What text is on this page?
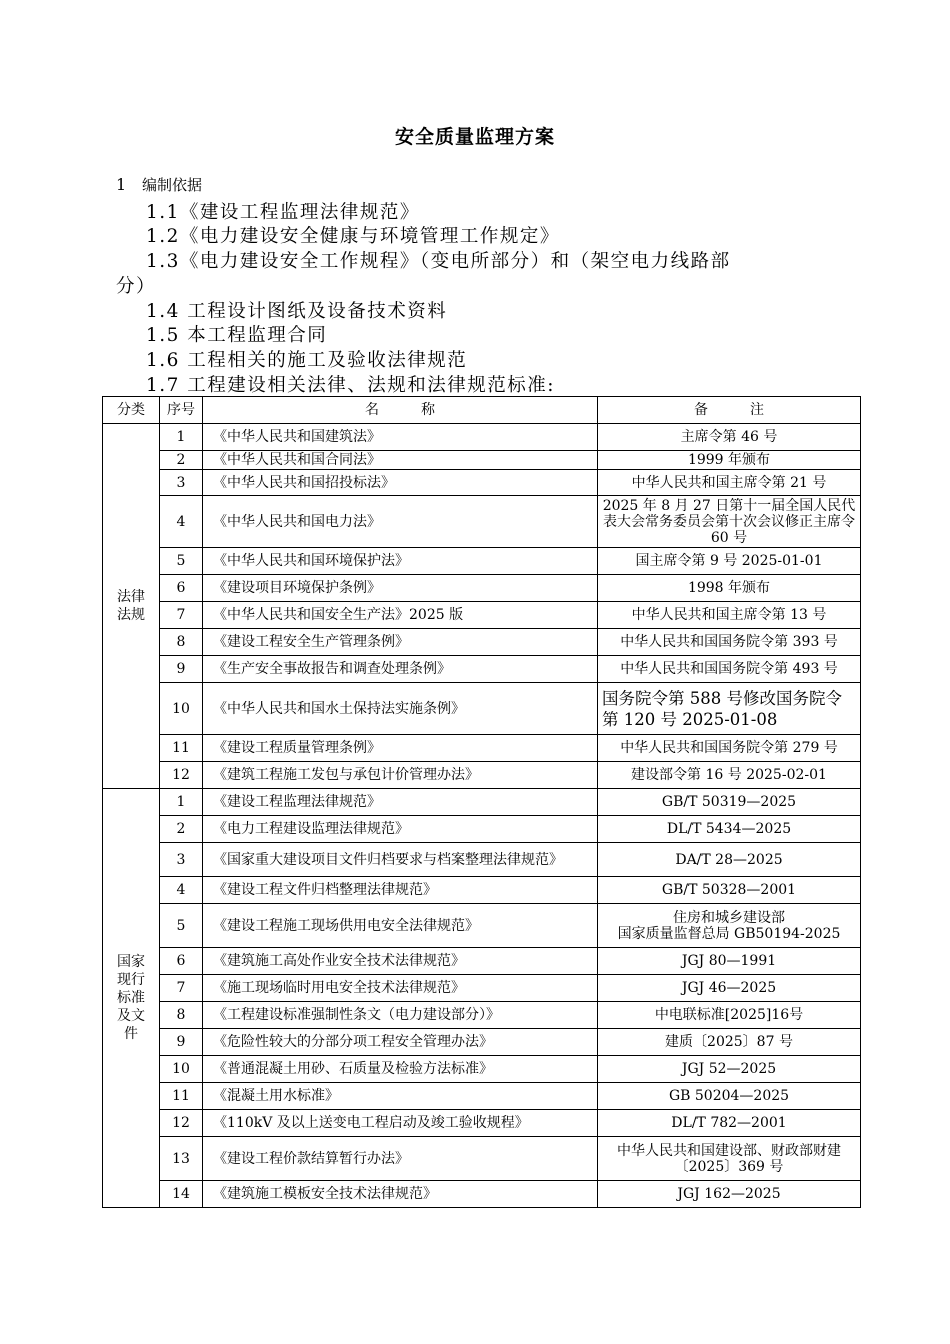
安全质量监理方案
1 编制依据
1.1《建设工程监理法律规范》
1.2《电力建设安全健康与环境管理工作规定》
1.3《电力建设安全工作规程》（变电所部分）和（架空电力线路部
分）
1.4 工程设计图纸及设备技术资料
1.5 本工程监理合同
1.6 工程相关的施工及验收法律规范
1.7 工程建设相关法律、法规和法律规范标准:
分类	序号	名　　　称	备　　　注
法律法规	1	《中华人民共和国建筑法》	主席令第 46 号
	2	《中华人民共和国合同法》	1999 年颁布
	3	《中华人民共和国招投标法》	中华人民共和国主席令第 21 号
	4	《中华人民共和国电力法》	2025 年 8 月 27 日第十一届全国人民代表大会常务委员会第十次会议修正主席令 60 号
	5	《中华人民共和国环境保护法》	国主席令第 9 号 2025-01-01
	6	《建设项目环境保护条例》	1998 年颁布
	7	《中华人民共和国安全生产法》2025 版	中华人民共和国主席令第 13 号
	8	《建设工程安全生产管理条例》	中华人民共和国国务院令第 393 号
	9	《生产安全事故报告和调查处理条例》	中华人民共和国国务院令第 493 号
	10	《中华人民共和国水土保持法实施条例》	国务院令第 588 号修改国务院令第 120 号 2025-01-08
	11	《建设工程质量管理条例》	中华人民共和国国务院令第 279 号
	12	《建筑工程施工发包与承包计价管理办法》	建设部令第 16 号 2025-02-01
国家现行标准及文件	1	《建设工程监理法律规范》	GB/T 50319—2025
	2	《电力工程建设监理法律规范》	DL/T 5434—2025
	3	《国家重大建设项目文件归档要求与档案整理法律规范》	DA/T 28—2025
	4	《建设工程文件归档整理法律规范》	GB/T 50328—2001
	5	《建设工程施工现场供用电安全法律规范》	住房和城乡建设部
国家质量监督总局 GB50194-2025
	6	《建筑施工高处作业安全技术法律规范》	JGJ 80—1991
	7	《施工现场临时用电安全技术法律规范》	JGJ 46—2025
	8	《工程建设标准强制性条文（电力建设部分）》	中电联标准[2025]16号
	9	《危险性较大的分部分项工程安全管理办法》	建质〔2025〕87 号
	10	《普通混凝土用砂、石质量及检验方法标准》	JGJ 52—2025
	11	《混凝土用水标准》	GB 50204—2025
	12	《110kV 及以上送变电工程启动及竣工验收规程》	DL/T 782—2001
	13	《建设工程价款结算暂行办法》	中华人民共和国建设部、财政部财建〔2025〕369 号
	14	《建筑施工模板安全技术法律规范》	JGJ 162—2025
